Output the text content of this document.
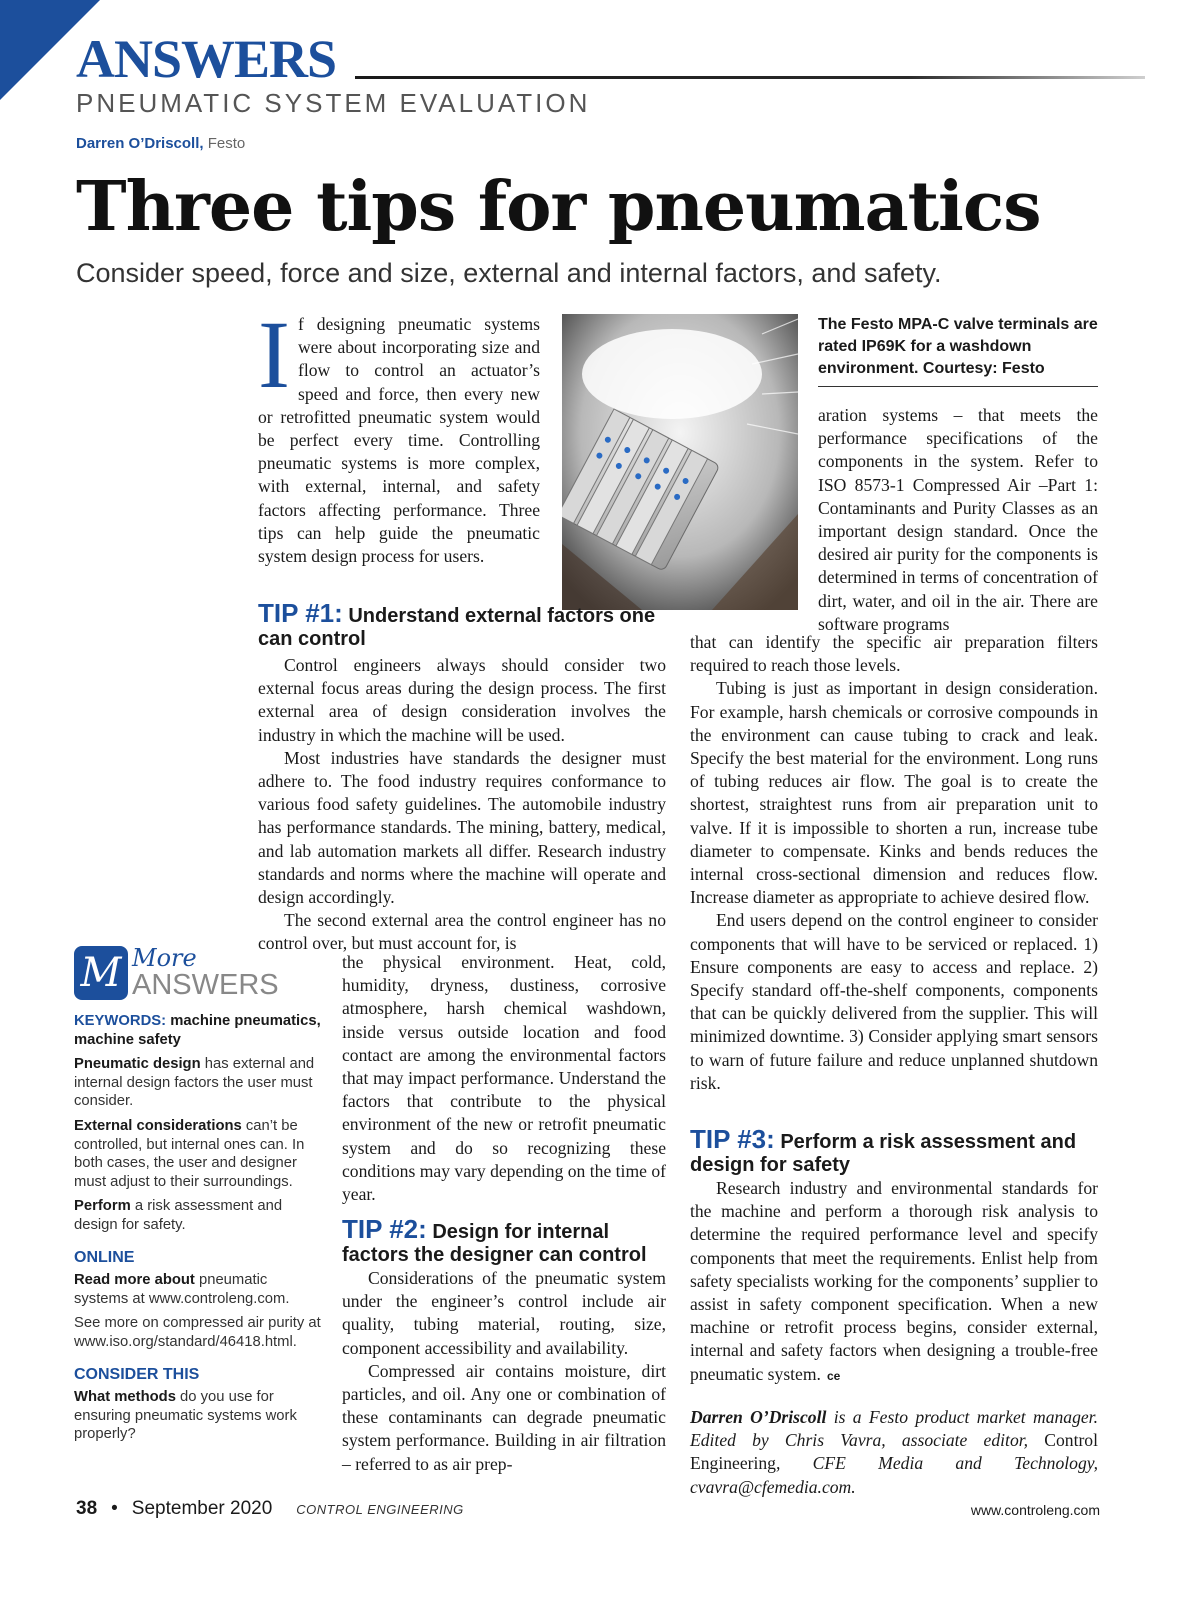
ANSWERS
PNEUMATIC SYSTEM EVALUATION
Darren O’Driscoll, Festo
Three tips for pneumatics
Consider speed, force and size, external and internal factors, and safety.
If designing pneumatic systems were about incorporating size and flow to control an actuator’s speed and force, then every new or retrofitted pneumatic system would be perfect every time. Controlling pneumatic systems is more complex, with external, internal, and safety factors affecting performance. Three tips can help guide the pneumatic system design process for users.
The Festo MPA-C valve terminals are rated IP69K for a washdown environment. Courtesy: Festo
TIP #1: Understand external factors one can control

Control engineers always should consider two external focus areas during the design process. The first external area of design consideration involves the industry in which the machine will be used.

Most industries have standards the designer must adhere to. The food industry requires conformance to various food safety guidelines. The automobile industry has performance standards. The mining, battery, medical, and lab automation markets all differ. Research industry standards and norms where the machine will operate and design accordingly.

The second external area the control engineer has no control over, but must account for, is

the physical environment. Heat, cold, humidity, dryness, dustiness, corrosive atmosphere, harsh chemical washdown, inside versus outside location and food contact are among the environmental factors that may impact performance. Understand the factors that contribute to the physical environment of the new or retrofit pneumatic system and do so recognizing these conditions may vary depending on the time of year.

TIP #2: Design for internal factors the designer can control

Considerations of the pneumatic system under the engineer’s control include air quality, tubing material, routing, size, component accessibility and availability.

Compressed air contains moisture, dirt particles, and oil. Any one or combination of these contaminants can degrade pneumatic system performance. Building in air filtration – referred to as air prep-

aration systems – that meets the performance specifications of the components in the system. Refer to ISO 8573-1 Compressed Air –Part 1: Contaminants and Purity Classes as an important design standard. Once the desired air purity for the components is determined in terms of concentration of dirt, water, and oil in the air. There are software programs

that can identify the specific air preparation filters required to reach those levels.

Tubing is just as important in design consideration. For example, harsh chemicals or corrosive compounds in the environment can cause tubing to crack and leak. Specify the best material for the environment. Long runs of tubing reduces air flow. The goal is to create the shortest, straightest runs from air preparation unit to valve. If it is impossible to shorten a run, increase tube diameter to compensate. Kinks and bends reduces the internal cross-sectional dimension and reduces flow. Increase diameter as appropriate to achieve desired flow.

End users depend on the control engineer to consider components that will have to be serviced or replaced. 1) Ensure components are easy to access and replace. 2) Specify standard off-the-shelf components, components that can be quickly delivered from the supplier. This will minimized downtime. 3) Consider applying smart sensors to warn of future failure and reduce unplanned shutdown risk.

TIP #3: Perform a risk assessment and design for safety

Research industry and environmental standards for the machine and perform a thorough risk analysis to determine the required performance level and specify components that meet the requirements. Enlist help from safety specialists working for the components’ supplier to assist in safety component specification. When a new machine or retrofit process begins, consider external, internal and safety factors when designing a trouble-free pneumatic system. ce

Darren O’Driscoll is a Festo product market manager. Edited by Chris Vavra, associate editor, Control Engineering, CFE Media and Technology, cvavra@cfemedia.com.
M More
ANSWERS
KEYWORDS: machine pneumatics, machine safety

Pneumatic design has external and internal design factors the user must consider.

External considerations can’t be controlled, but internal ones can. In both cases, the user and designer must adjust to their surroundings.

Perform a risk assessment and design for safety.

ONLINE

Read more about pneumatic systems at www.controleng.com.

See more on compressed air purity at www.iso.org/standard/46418.html.

CONSIDER THIS

What methods do you use for ensuring pneumatic systems work properly?

38 • September 2020 CONTROL ENGINEERING	www.controleng.com
